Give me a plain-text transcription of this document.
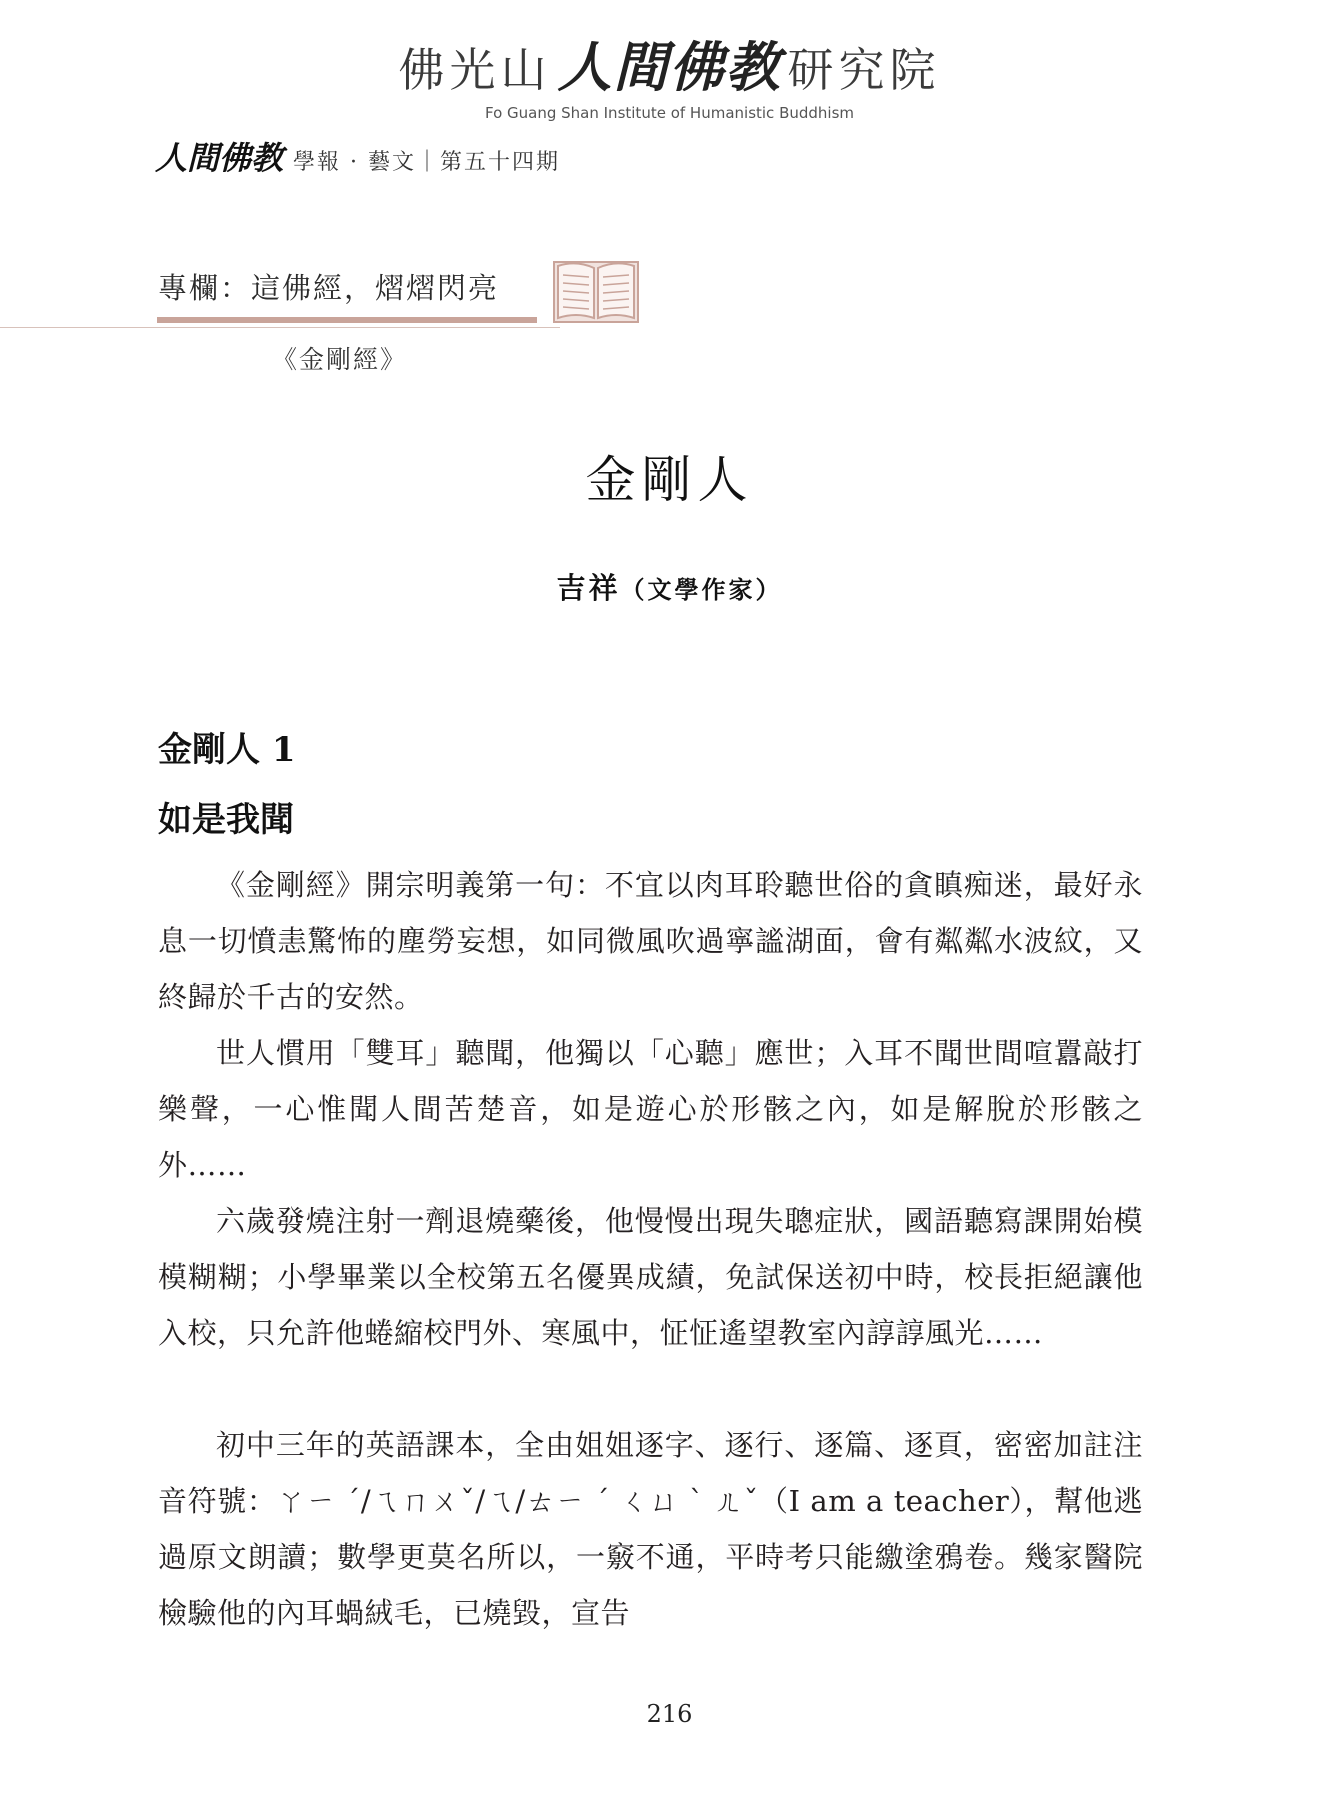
佛光山 人間佛教 研究院
Fo Guang Shan Institute of Humanistic Buddhism
人間佛教 學報 · 藝文｜第五十四期
專欄：這佛經，熠熠閃亮
《金剛經》
金剛人
吉祥（文學作家）
金剛人 1
如是我聞

《金剛經》開宗明義第一句：不宜以肉耳聆聽世俗的貪瞋痴迷，最好永息一切憤恚驚怖的塵勞妄想，如同微風吹過寧謐湖面，會有粼粼水波紋，又終歸於千古的安然。

世人慣用「雙耳」聽聞，他獨以「心聽」應世；入耳不聞世間喧囂敲打樂聲，一心惟聞人間苦楚音，如是遊心於形骸之內，如是解脫於形骸之外……

六歲發燒注射一劑退燒藥後，他慢慢出現失聰症狀，國語聽寫課開始模模糊糊；小學畢業以全校第五名優異成績，免試保送初中時，校長拒絕讓他入校，只允許他蜷縮校門外、寒風中，怔怔遙望教室內諄諄風光……

初中三年的英語課本，全由姐姐逐字、逐行、逐篇、逐頁，密密加註注音符號：ㄚㄧ ˊ/ㄟㄇㄨˇ/ㄟ/ㄊㄧ ˊ ㄑㄩ ˋ ㄦˇ（I am a teacher），幫他逃過原文朗讀；數學更莫名所以，一竅不通，平時考只能繳塗鴉卷。幾家醫院檢驗他的內耳蝸絨毛，已燒毀，宣告

216
